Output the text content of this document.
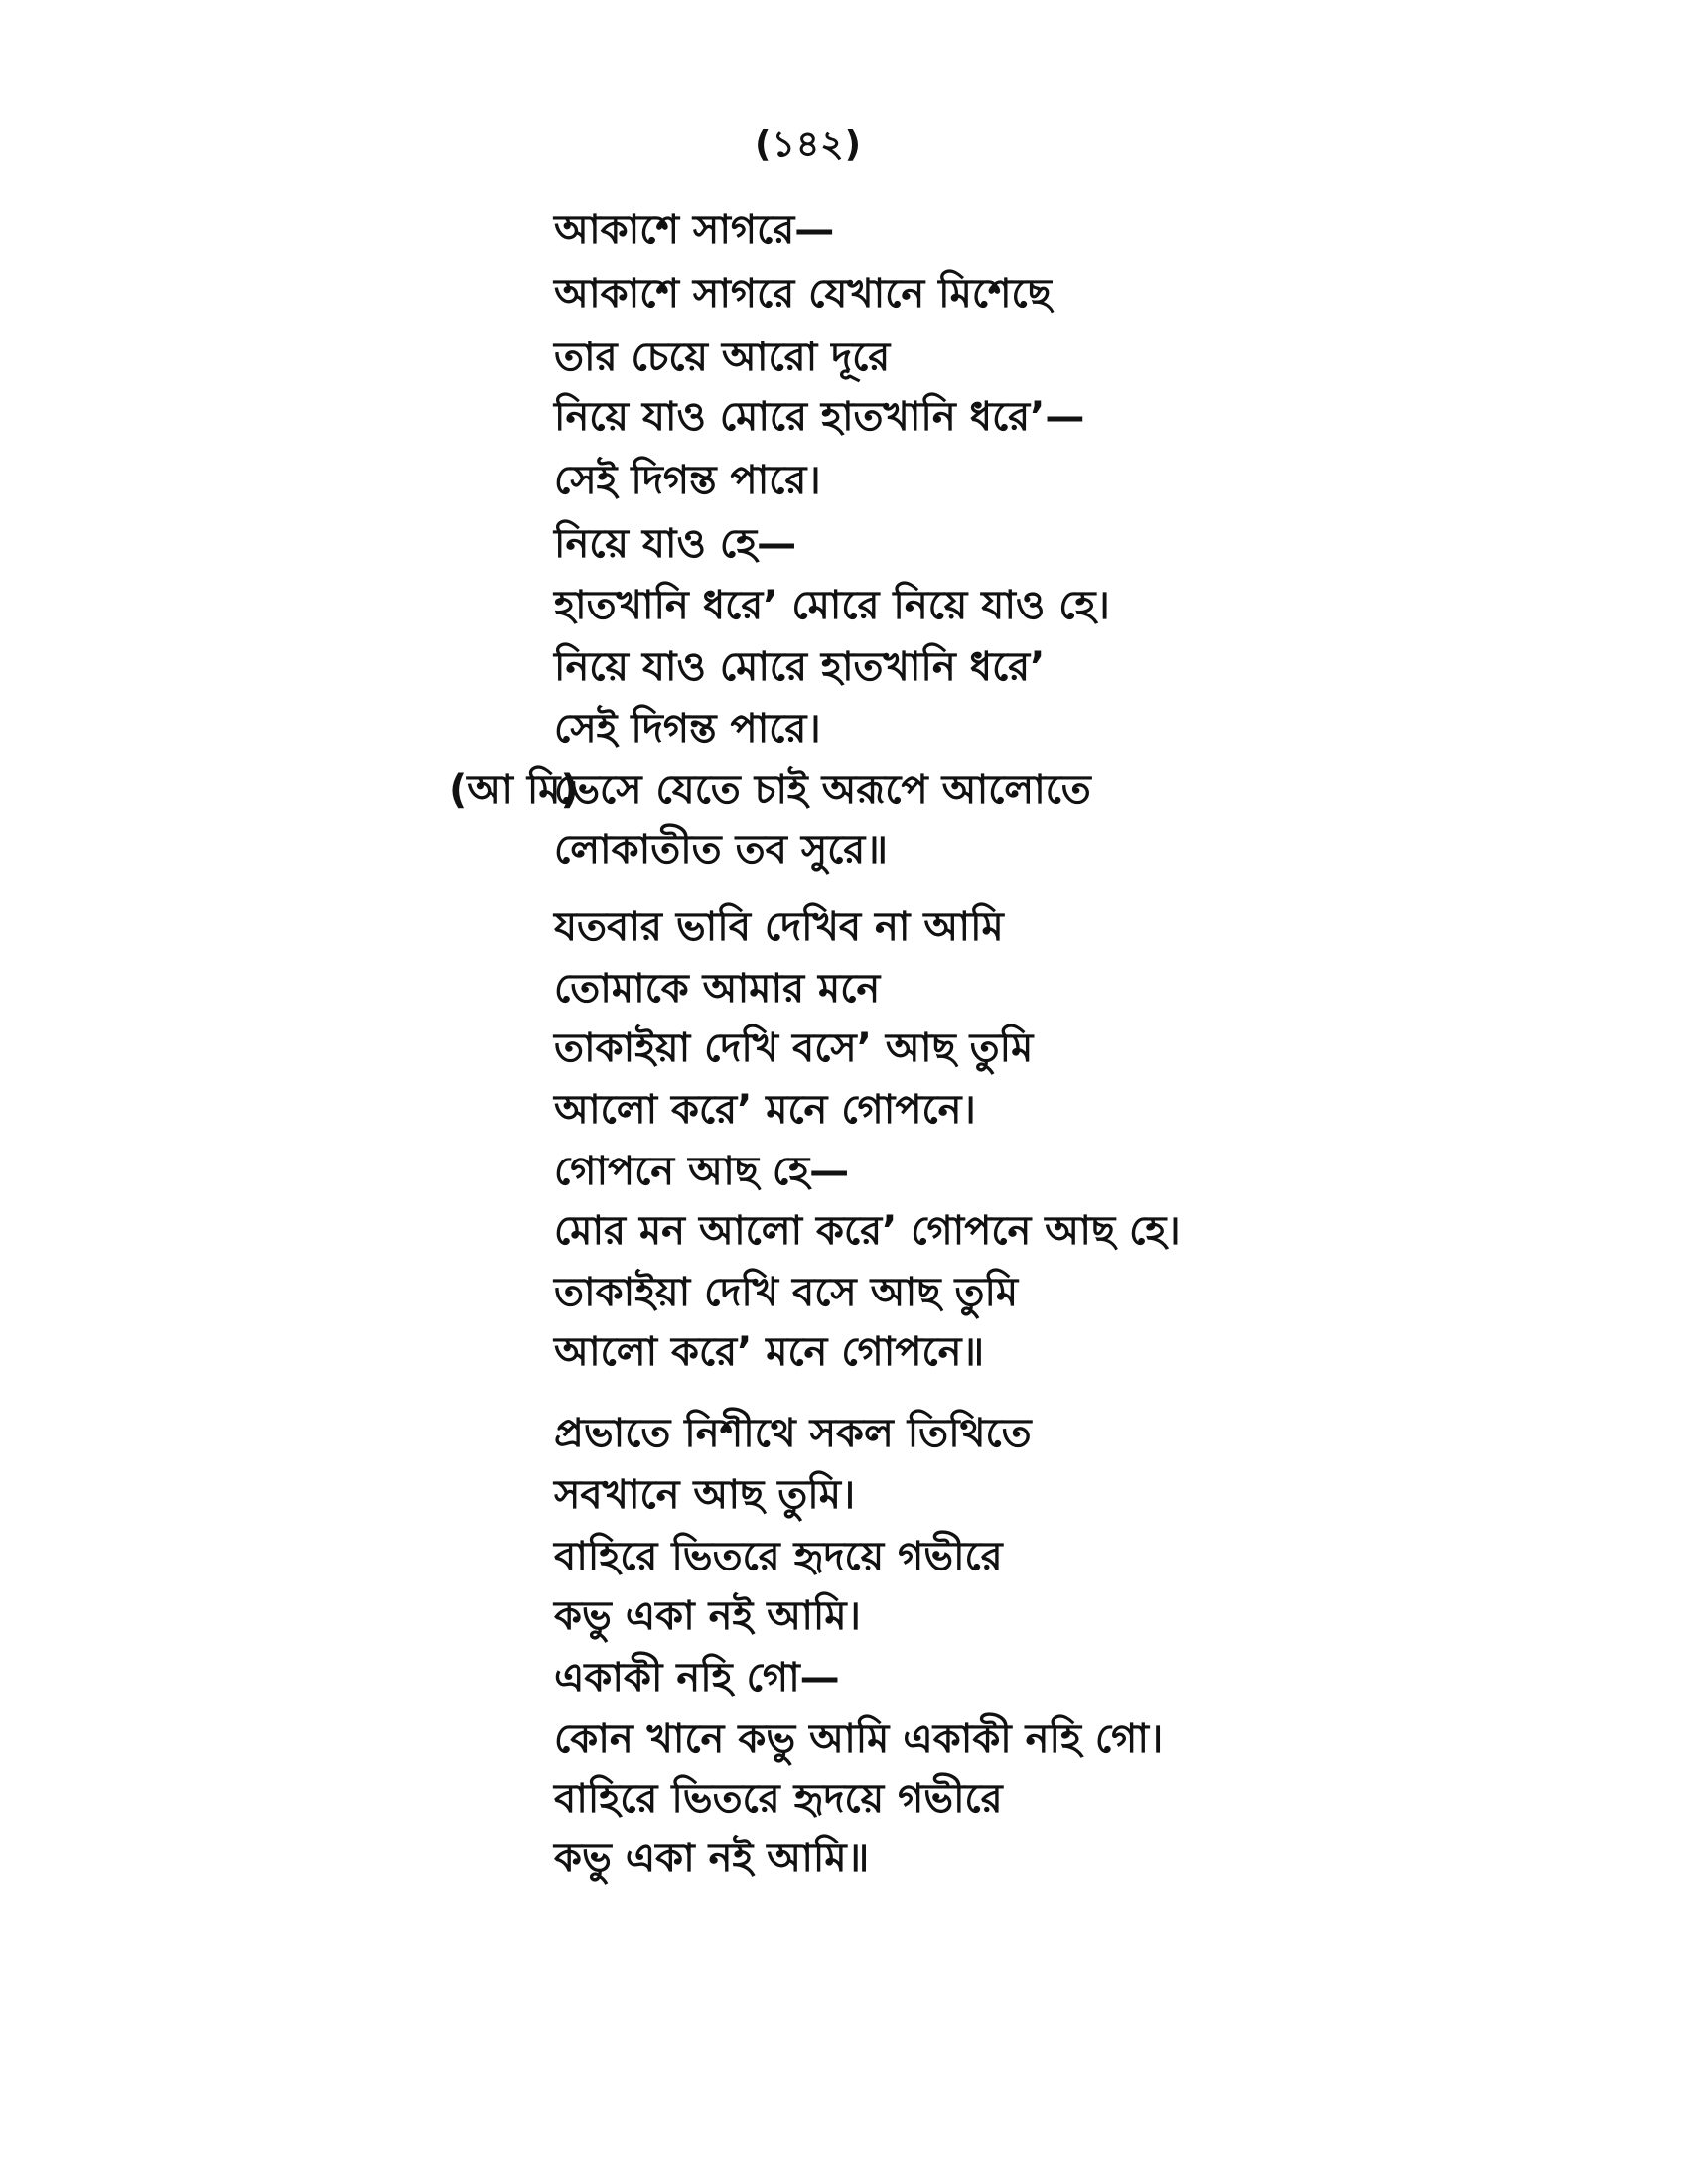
(১৪২)
আকাশে সাগরে—
আকাশে সাগরে যেখানে মিশেছে
তার চেয়ে আরো দূরে
নিয়ে যাও মোরে হাতখানি ধরে’—
সেই দিগন্ত পারে।
নিয়ে যাও হে—
হাতখানি ধরে’ মোরে নিয়ে যাও হে।
নিয়ে যাও মোরে হাতখানি ধরে’
সেই দিগন্ত পারে।
(আ মি)
ভেসে যেতে চাই অরূপে আলোতে
লোকাতীত তব সুরে॥
যতবার ভাবি দেখিব না আমি
তোমাকে আমার মনে
তাকাইয়া দেখি বসে’ আছ তুমি
আলো করে’ মনে গোপনে।
গোপনে আছ হে—
মোর মন আলো করে’ গোপনে আছ হে।
তাকাইয়া দেখি বসে আছ তুমি
আলো করে’ মনে গোপনে॥
প্রভাতে নিশীথে সকল তিথিতে
সবখানে আছ তুমি।
বাহিরে ভিতরে হৃদয়ে গভীরে
কভু একা নই আমি।
একাকী নহি গো—
কোন খানে কভু আমি একাকী নহি গো।
বাহিরে ভিতরে হৃদয়ে গভীরে
কভু একা নই আমি॥
